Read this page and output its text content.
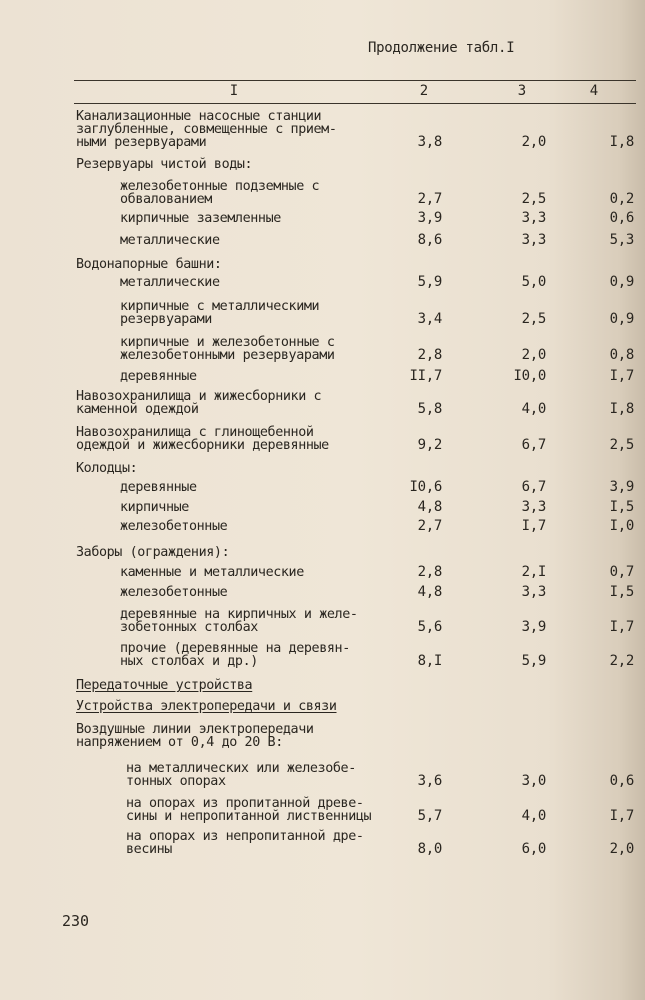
Продолжение табл.I
I	2	3	4
Канализационные насосные станции
заглубленные, совмещенные с прием-
ными резервуарами	3,8	2,0	I,8
Резервуары чистой воды:
железобетонные подземные с
обвалованием	2,7	2,5	0,2
кирпичные заземленные	3,9	3,3	0,6
металлические	8,6	3,3	5,3
Водонапорные башни:
металлические	5,9	5,0	0,9
кирпичные с металлическими
резервуарами	3,4	2,5	0,9
кирпичные и железобетонные с
железобетонными резервуарами	2,8	2,0	0,8
деревянные	II,7	I0,0	I,7
Навозохранилища и жижесборники с
каменной одеждой	5,8	4,0	I,8
Навозохранилища с глинощебенной
одеждой и жижесборники деревянные	9,2	6,7	2,5
Колодцы:
деревянные	I0,6	6,7	3,9
кирпичные	4,8	3,3	I,5
железобетонные	2,7	I,7	I,0
Заборы (ограждения):
каменные и металлические	2,8	2,I	0,7
железобетонные	4,8	3,3	I,5
деревянные на кирпичных и желе-
зобетонных столбах	5,6	3,9	I,7
прочие (деревянные на деревян-
ных столбах и др.)	8,I	5,9	2,2
Передаточные устройства
Устройства электропередачи и связи
Воздушные линии электропередачи
напряжением от 0,4 до 20 В:
на металлических или железобе-
тонных опорах	3,6	3,0	0,6
на опорах из пропитанной древе-
сины и непропитанной лиственницы	5,7	4,0	I,7
на опорах из непропитанной дре-
весины	8,0	6,0	2,0
230
